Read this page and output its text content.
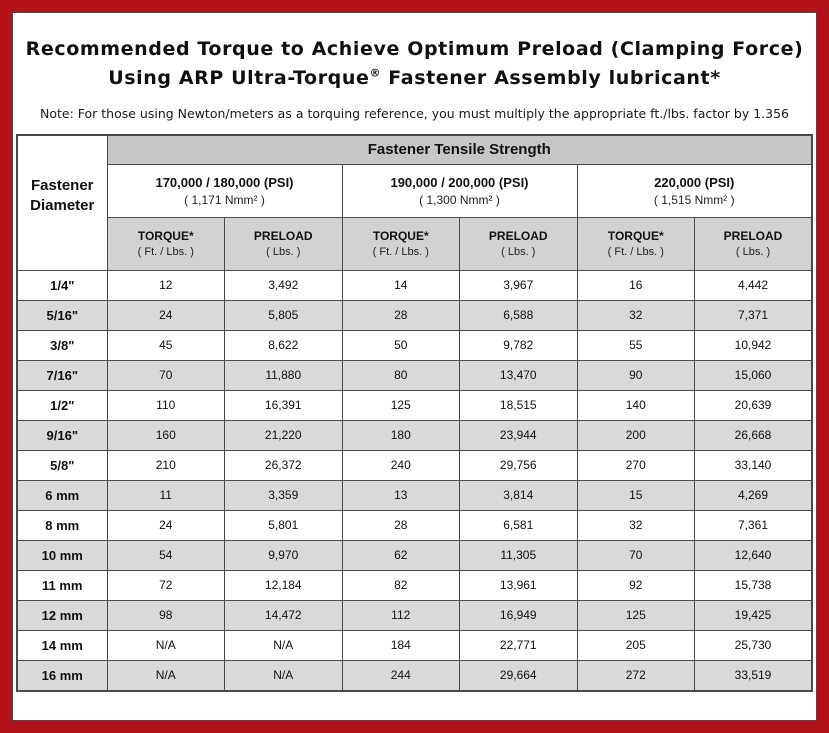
Recommended Torque to Achieve Optimum Preload (Clamping Force)
Using ARP Ultra-Torque® Fastener Assembly lubricant*
Note: For those using Newton/meters as a torquing reference, you must multiply the appropriate ft./lbs. factor by 1.356
Fastener Diameter	Fastener Tensile Strength					

	170,000 / 180,000 (PSI)
( 1,171 Nmm² )		190,000 / 200,000 (PSI)
( 1,300 Nmm² )		220,000 (PSI)
( 1,515 Nmm² )	

	TORQUE*
( Ft. / Lbs. )	PRELOAD
( Lbs. )	TORQUE*
( Ft. / Lbs. )	PRELOAD
( Lbs. )	TORQUE*
( Ft. / Lbs. )	PRELOAD
( Lbs. )

1/4"	12	3,492	14	3,967	16	4,442
5/16"	24	5,805	28	6,588	32	7,371
3/8"	45	8,622	50	9,782	55	10,942
7/16"	70	11,880	80	13,470	90	15,060
1/2"	110	16,391	125	18,515	140	20,639
9/16"	160	21,220	180	23,944	200	26,668
5/8"	210	26,372	240	29,756	270	33,140
6 mm	11	3,359	13	3,814	15	4,269
8 mm	24	5,801	28	6,581	32	7,361
10 mm	54	9,970	62	11,305	70	12,640
11 mm	72	12,184	82	13,961	92	15,738
12 mm	98	14,472	112	16,949	125	19,425
14 mm	N/A	N/A	184	22,771	205	25,730
16 mm	N/A	N/A	244	29,664	272	33,519
